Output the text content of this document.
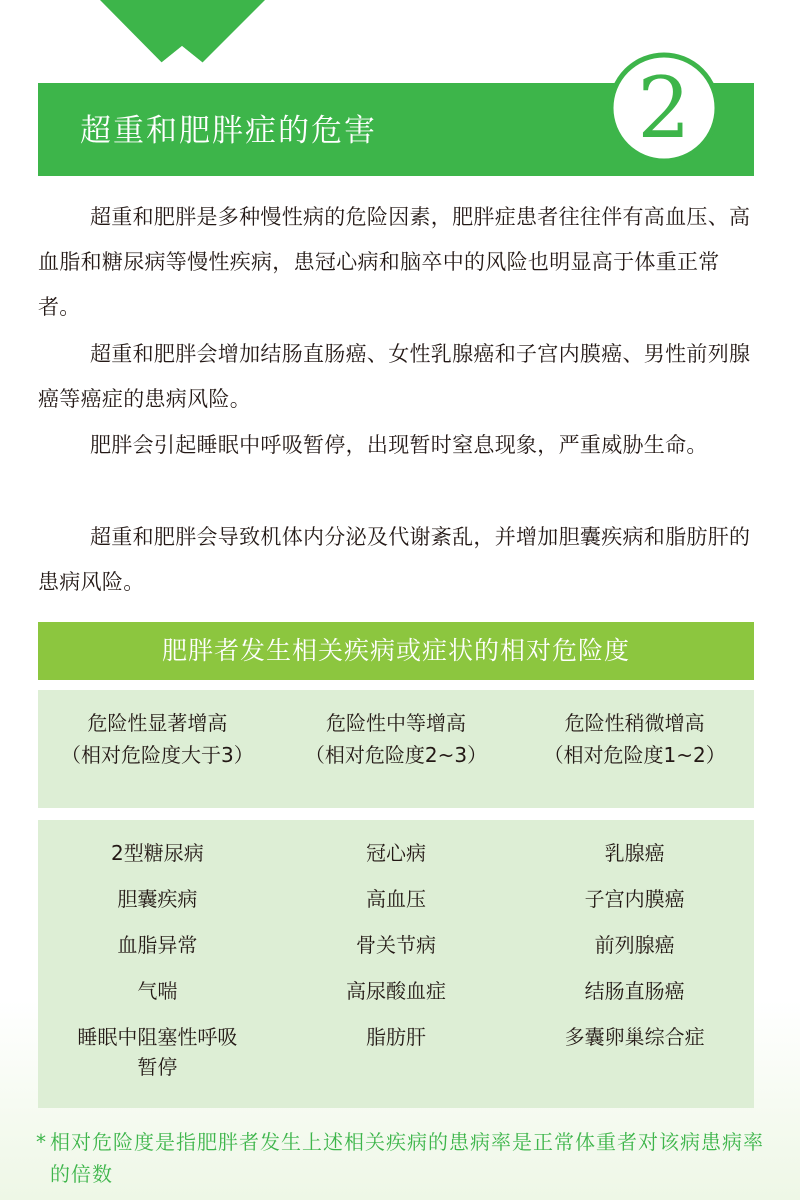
超重和肥胖症的危害	2

超重和肥胖是多种慢性病的危险因素，肥胖症患者往往伴有高血压、高血脂和糖尿病等慢性疾病，患冠心病和脑卒中的风险也明显高于体重正常者。

超重和肥胖会增加结肠直肠癌、女性乳腺癌和子宫内膜癌、男性前列腺癌等癌症的患病风险。

肥胖会引起睡眠中呼吸暂停，出现暂时窒息现象，严重威胁生命。

超重和肥胖会导致机体内分泌及代谢紊乱，并增加胆囊疾病和脂肪肝的患病风险。

肥胖者发生相关疾病或症状的相对危险度
危险性显著增高
（相对危险度大于3）
危险性中等增高
（相对危险度2~3）
危险性稍微增高
（相对危险度1~2）
2型糖尿病
胆囊疾病
血脂异常
气喘
睡眠中阻塞性呼吸暂停
冠心病
高血压
骨关节病
高尿酸血症
脂肪肝
乳腺癌
子宫内膜癌
前列腺癌
结肠直肠癌
多囊卵巢综合症
* 相对危险度是指肥胖者发生上述相关疾病的患病率是正常体重者对该病患病率的倍数
